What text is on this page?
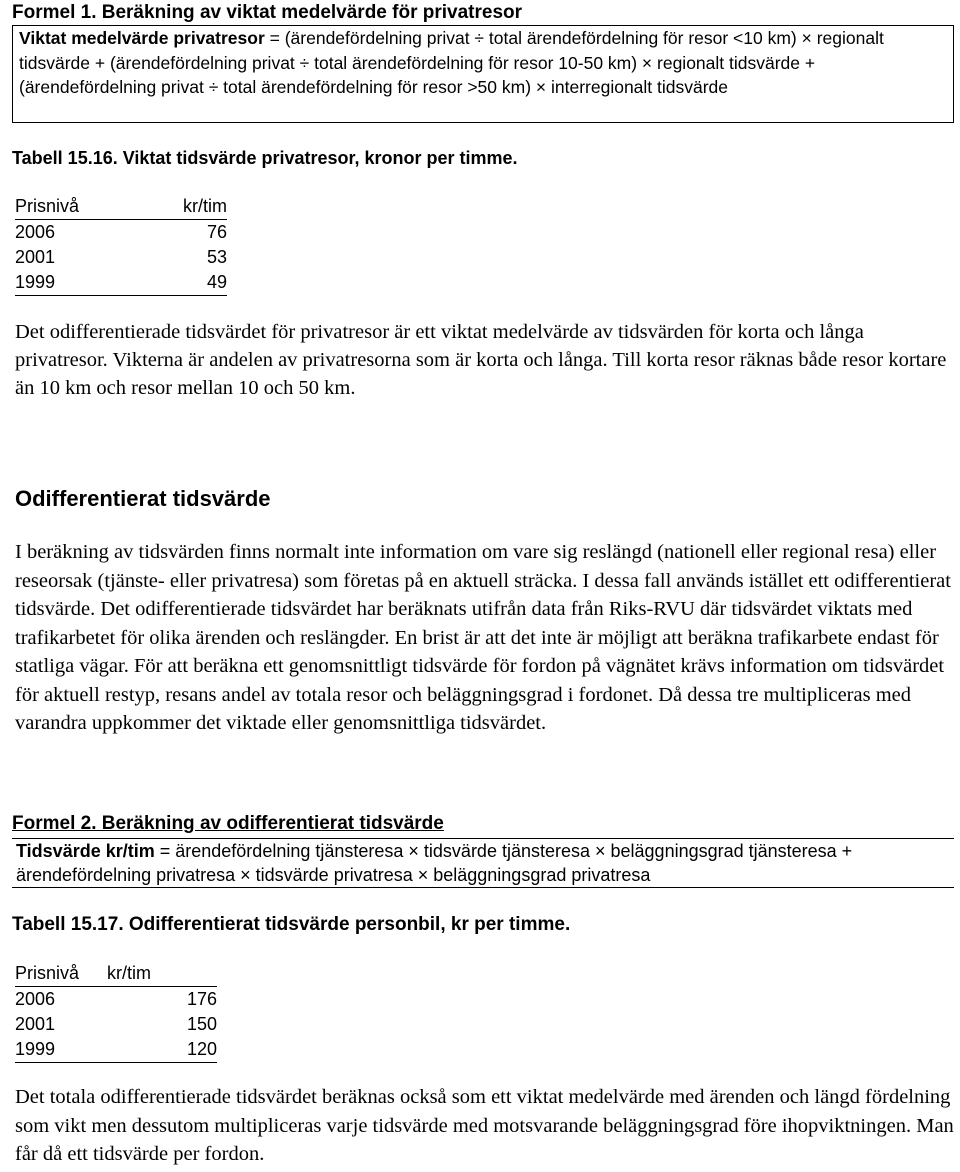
Formel 1. Beräkning av viktat medelvärde för privatresor
Viktat medelvärde privatresor = (ärendefördelning privat ÷ total ärendefördelning för resor <10 km) × regionalt tidsvärde + (ärendefördelning privat ÷ total ärendefördelning för resor 10-50 km) × regionalt tidsvärde + (ärendefördelning privat ÷ total ärendefördelning för resor >50 km) × interregionalt tidsvärde
Tabell 15.16. Viktat tidsvärde privatresor, kronor per timme.
Prisnivå	kr/tim
2006	76
2001	53
1999	49
Det odifferentierade tidsvärdet för privatresor är ett viktat medelvärde av tidsvärden för korta och långa privatresor. Vikterna är andelen av privatresorna som är korta och långa. Till korta resor räknas både resor kortare än 10 km och resor mellan 10 och 50 km.
Odifferentierat tidsvärde
I beräkning av tidsvärden finns normalt inte information om vare sig reslängd (nationell eller regional resa) eller reseorsak (tjänste- eller privatresa) som företas på en aktuell sträcka. I dessa fall används istället ett odifferentierat tidsvärde. Det odifferentierade tidsvärdet har beräknats utifrån data från Riks-RVU där tidsvärdet viktats med trafikarbetet för olika ärenden och reslängder. En brist är att det inte är möjligt att beräkna trafikarbete endast för statliga vägar. För att beräkna ett genomsnittligt tidsvärde för fordon på vägnätet krävs information om tidsvärdet för aktuell restyp, resans andel av totala resor och beläggningsgrad i fordonet. Då dessa tre multipliceras med varandra uppkommer det viktade eller genomsnittliga tidsvärdet.
Formel 2. Beräkning av odifferentierat tidsvärde
Tidsvärde kr/tim = ärendefördelning tjänsteresa × tidsvärde tjänsteresa × beläggningsgrad tjänsteresa + ärendefördelning privatresa × tidsvärde privatresa × beläggningsgrad privatresa
Tabell 15.17. Odifferentierat tidsvärde personbil, kr per timme.
Prisnivå	kr/tim
2006	176
2001	150
1999	120
Det totala odifferentierade tidsvärdet beräknas också som ett viktat medelvärde med ärenden och längd fördelning som vikt men dessutom multipliceras varje tidsvärde med motsvarande beläggningsgrad före ihopviktningen. Man får då ett tidsvärde per fordon.
